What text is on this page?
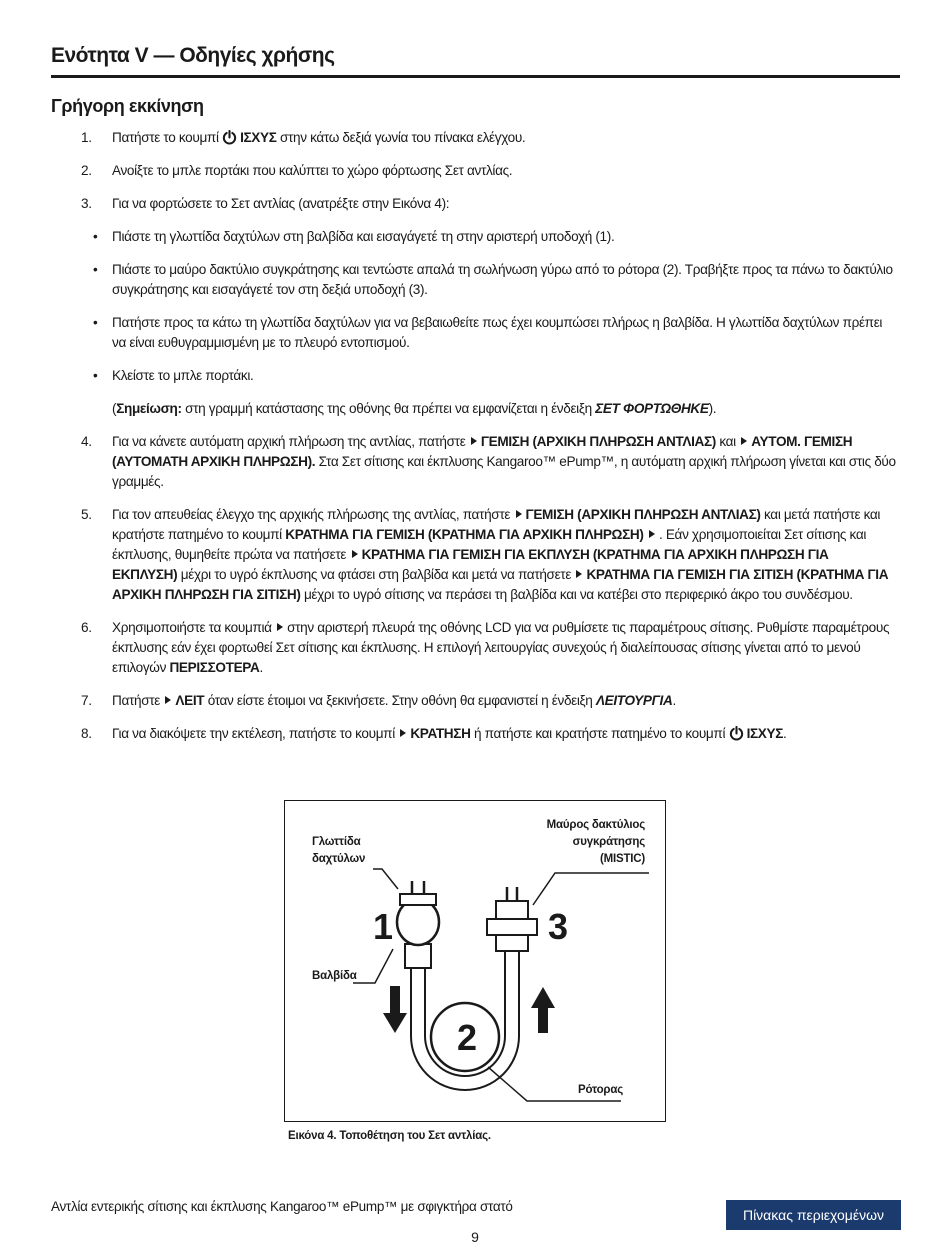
Ενότητα V — Οδηγίες χρήσης
Γρήγορη εκκίνηση
1. Πατήστε το κουμπί ΙΣΧΥΣ στην κάτω δεξιά γωνία του πίνακα ελέγχου.
2. Ανοίξτε το μπλε πορτάκι που καλύπτει το χώρο φόρτωσης Σετ αντλίας.
3. Για να φορτώσετε το Σετ αντλίας (ανατρέξτε στην Εικόνα 4):
• Πιάστε τη γλωττίδα δαχτύλων στη βαλβίδα και εισαγάγετέ τη στην αριστερή υποδοχή (1).
• Πιάστε το μαύρο δακτύλιο συγκράτησης και τεντώστε απαλά τη σωλήνωση γύρω από το ρότορα (2). Τραβήξτε προς τα πάνω το δακτύλιο συγκράτησης και εισαγάγετέ τον στη δεξιά υποδοχή (3).
• Πατήστε προς τα κάτω τη γλωττίδα δαχτύλων για να βεβαιωθείτε πως έχει κουμπώσει πλήρως η βαλβίδα. Η γλωττίδα δαχτύλων πρέπει να είναι ευθυγραμμισμένη με το πλευρό εντοπισμού.
• Κλείστε το μπλε πορτάκι.
(Σημείωση: στη γραμμή κατάστασης της οθόνης θα πρέπει να εμφανίζεται η ένδειξη ΣΕΤ ΦΟΡΤΩΘΗΚΕ).
4. Για να κάνετε αυτόματη αρχική πλήρωση της αντλίας, πατήστε ΓΕΜΙΣΗ (ΑΡΧΙΚΗ ΠΛΗΡΩΣΗ ΑΝΤΛΙΑΣ) και ΑΥΤΟΜ. ΓΕΜΙΣΗ (ΑΥΤΟΜΑΤΗ ΑΡΧΙΚΗ ΠΛΗΡΩΣΗ). Στα Σετ σίτισης και έκπλυσης Kangaroo™ ePump™, η αυτόματη αρχική πλήρωση γίνεται και στις δύο γραμμές.
5. Για τον απευθείας έλεγχο της αρχικής πλήρωσης της αντλίας, πατήστε ΓΕΜΙΣΗ (ΑΡΧΙΚΗ ΠΛΗΡΩΣΗ ΑΝΤΛΙΑΣ) και μετά πατήστε και κρατήστε πατημένο το κουμπί ΚΡΑΤΗΜΑ ΓΙΑ ΓΕΜΙΣΗ (ΚΡΑΤΗΜΑ ΓΙΑ ΑΡΧΙΚΗ ΠΛΗΡΩΣΗ) . Εάν χρησιμοποιείται Σετ σίτισης και έκπλυσης, θυμηθείτε πρώτα να πατήσετε ΚΡΑΤΗΜΑ ΓΙΑ ΓΕΜΙΣΗ ΓΙΑ ΕΚΠΛΥΣΗ (ΚΡΑΤΗΜΑ ΓΙΑ ΑΡΧΙΚΗ ΠΛΗΡΩΣΗ ΓΙΑ ΕΚΠΛΥΣΗ) μέχρι το υγρό έκπλυσης να φτάσει στη βαλβίδα και μετά να πατήσετε ΚΡΑΤΗΜΑ ΓΙΑ ΓΕΜΙΣΗ ΓΙΑ ΣΙΤΙΣΗ (ΚΡΑΤΗΜΑ ΓΙΑ ΑΡΧΙΚΗ ΠΛΗΡΩΣΗ ΓΙΑ ΣΙΤΙΣΗ) μέχρι το υγρό σίτισης να περάσει τη βαλβίδα και να κατέβει στο περιφερικό άκρο του συνδέσμου.
6. Χρησιμοποιήστε τα κουμπιά στην αριστερή πλευρά της οθόνης LCD για να ρυθμίσετε τις παραμέτρους σίτισης. Ρυθμίστε παραμέτρους έκπλυσης εάν έχει φορτωθεί Σετ σίτισης και έκπλυσης. Η επιλογή λειτουργίας συνεχούς ή διαλείπουσας σίτισης γίνεται από το μενού επιλογών ΠΕΡΙΣΣΟΤΕΡΑ.
7. Πατήστε ΛΕΙΤ όταν είστε έτοιμοι να ξεκινήσετε. Στην οθόνη θα εμφανιστεί η ένδειξη ΛΕΙΤΟΥΡΓΙΑ.
8. Για να διακόψετε την εκτέλεση, πατήστε το κουμπί ΚΡΑΤΗΣΗ ή πατήστε και κρατήστε πατημένο το κουμπί ΙΣΧΥΣ.
Γλωττίδα
δαχτύλων
Μαύρος δακτύλιος
συγκράτησης
(MISTIC)
Βαλβίδα
Ρότορας
1
2
3
Εικόνα 4. Τοποθέτηση του Σετ αντλίας.
Αντλία εντερικής σίτισης και έκπλυσης Kangaroo™ ePump™ με σφιγκτήρα στατό
Πίνακας περιεχομένων
9
